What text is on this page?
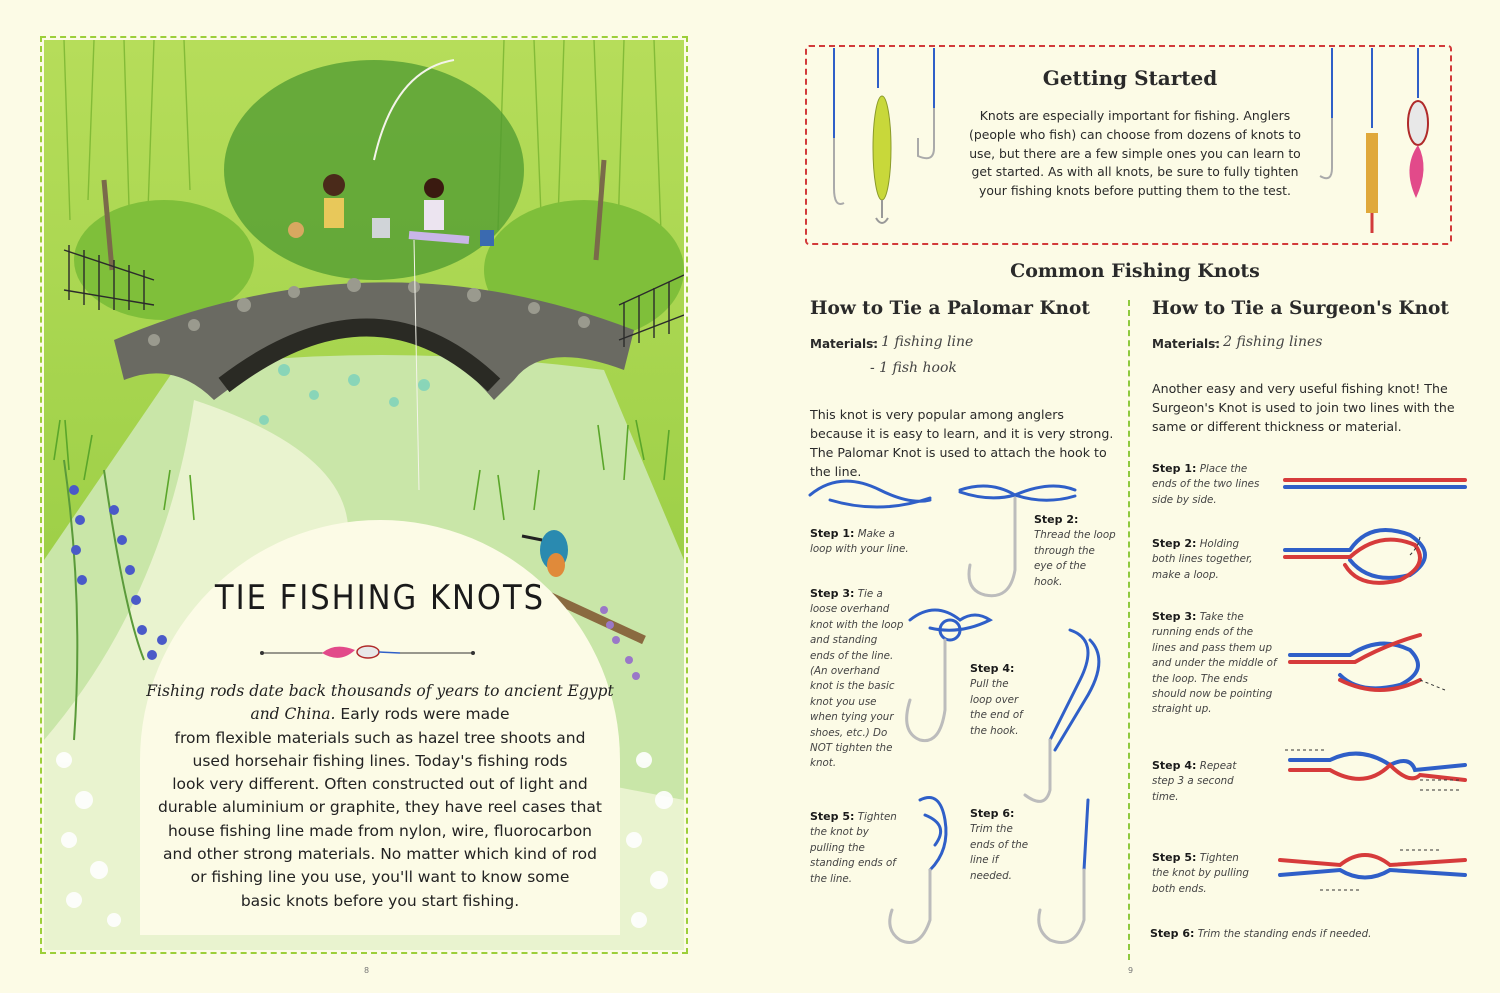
TIE FISHING KNOTS
Fishing rods date back thousands of years to ancient Egypt and China. Early rods were made
from flexible materials such as hazel tree shoots and
used horsehair fishing lines. Today's fishing rods
look very different. Often constructed out of light and
durable aluminium or graphite, they have reel cases that
house fishing line made from nylon, wire, fluorocarbon
and other strong materials. No matter which kind of rod
or fishing line you use, you'll want to know some
basic knots before you start fishing.
8
Getting Started
Knots are especially important for fishing. Anglers (people who fish) can choose from dozens of knots to use, but there are a few simple ones you can learn to get started. As with all knots, be sure to fully tighten your fishing knots before putting them to the test.
Common Fishing Knots
How to Tie a Palomar Knot
Materials:
- 1 fishing line
- 1 fish hook
This knot is very popular among anglers because it is easy to learn, and it is very strong. The Palomar Knot is used to attach the hook to the line.
Step 1: Make a loop with your line.
Step 2: Thread the loop through the eye of the hook.
Step 3: Tie a loose overhand knot with the loop and standing ends of the line. (An overhand knot is the basic knot you use when tying your shoes, etc.) Do NOT tighten the knot.
Step 4: Pull the loop over the end of the hook.
Step 5: Tighten the knot by pulling the standing ends of the line.
Step 6: Trim the ends of the line if needed.
How to Tie a Surgeon's Knot
Materials:
- 2 fishing lines
Another easy and very useful fishing knot! The Surgeon's Knot is used to join two lines with the same or different thickness or material.
Step 1: Place the ends of the two lines side by side.
Step 2: Holding both lines together, make a loop.
Step 3: Take the running ends of the lines and pass them up and under the middle of the loop. The ends should now be pointing straight up.
Step 4: Repeat step 3 a second time.
Step 5: Tighten the knot by pulling both ends.
Step 6: Trim the standing ends if needed.
9
